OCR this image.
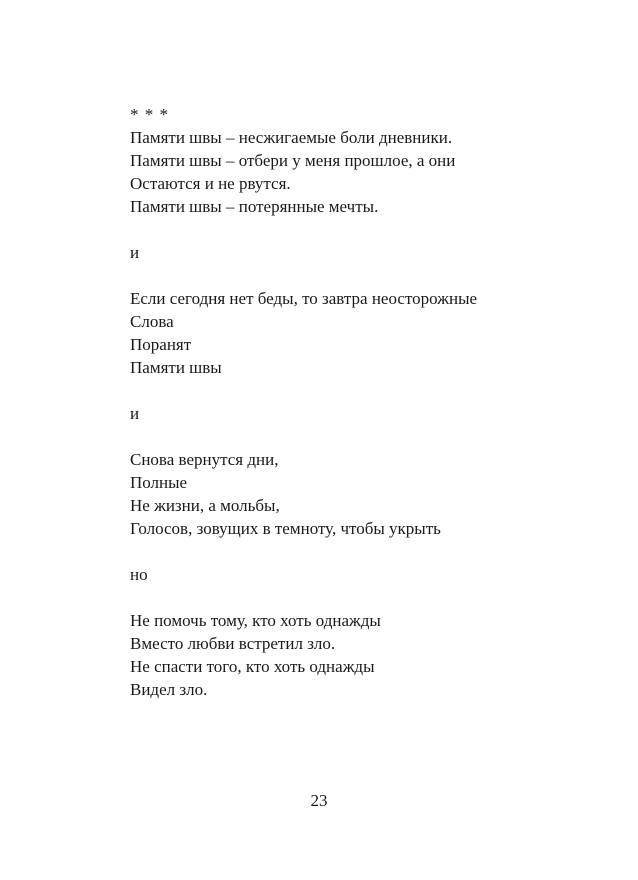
* * *
Памяти швы – несжигаемые боли дневники.
Памяти швы – отбери у меня прошлое, а они
Остаются и не рвутся.
Памяти швы – потерянные мечты.
и
Если сегодня нет беды, то завтра неосторожные
Слова
Поранят
Памяти швы
и
Снова вернутся дни,
Полные
Не жизни, а мольбы,
Голосов, зовущих в темноту, чтобы укрыть
но
Не помочь тому, кто хоть однажды
Вместо любви встретил зло.
Не спасти того, кто хоть однажды
Видел зло.
23
